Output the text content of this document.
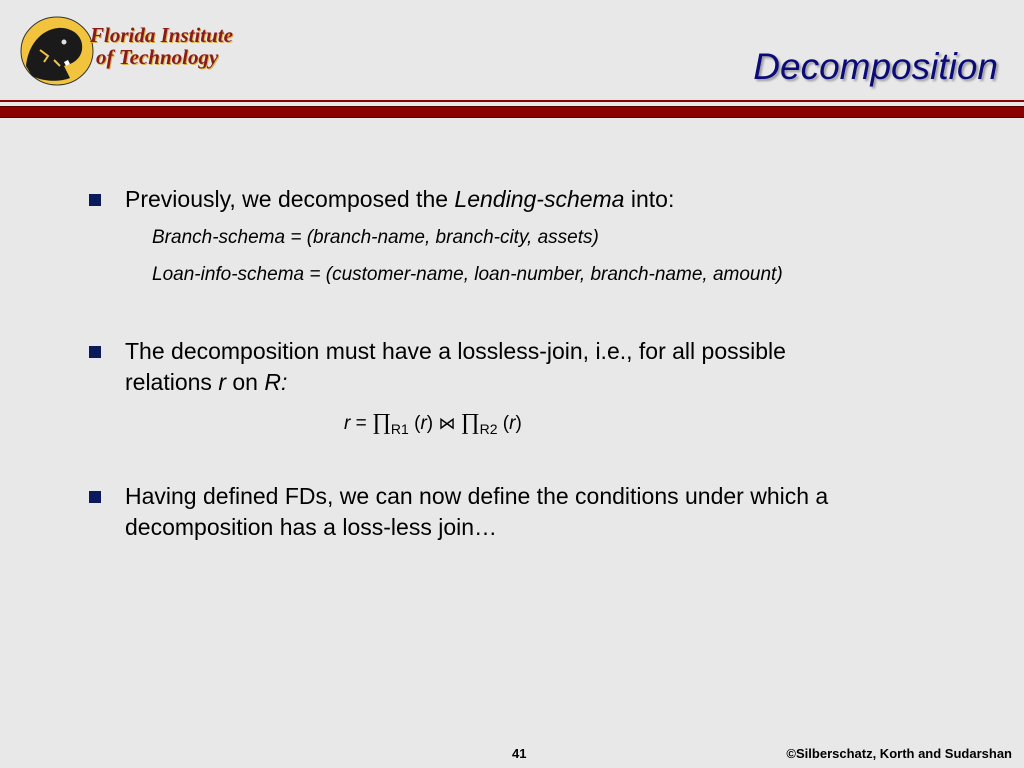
Florida Institute
of Technology	Decomposition
Previously, we decomposed the Lending-schema into:
Branch-schema = (branch-name, branch-city, assets)
Loan-info-schema = (customer-name, loan-number, branch-name, amount)
The decomposition must have a lossless-join, i.e., for all possible
relations r on R:
$r = \prod_{R1}$ (r) ⋈ $\prod_{R2}$ (r)
Having defined FDs, we can now define the conditions under which a
decomposition has a loss-less join…
41	©Silberschatz, Korth and Sudarshan
